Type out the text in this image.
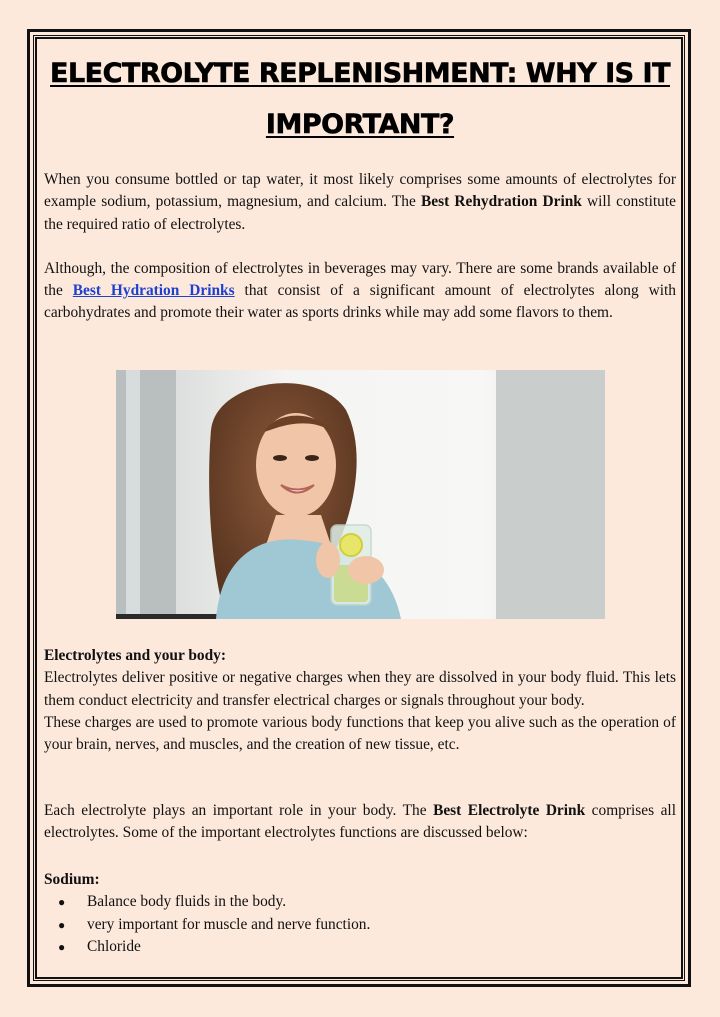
ELECTROLYTE REPLENISHMENT: WHY IS IT IMPORTANT?

When you consume bottled or tap water, it most likely comprises some amounts of electrolytes for example sodium, potassium, magnesium, and calcium. The Best Rehydration Drink will constitute the required ratio of electrolytes.

Although, the composition of electrolytes in beverages may vary. There are some brands available of the Best Hydration Drinks that consist of a significant amount of electrolytes along with carbohydrates and promote their water as sports drinks while may add some flavors to them.

Electrolytes and your body:

Electrolytes deliver positive or negative charges when they are dissolved in your body fluid. This lets them conduct electricity and transfer electrical charges or signals throughout your body.

These charges are used to promote various body functions that keep you alive such as the operation of your brain, nerves, and muscles, and the creation of new tissue, etc.

Each electrolyte plays an important role in your body. The Best Electrolyte Drink comprises all electrolytes. Some of the important electrolytes functions are discussed below:

Sodium:

● Balance body fluids in the body.
● very important for muscle and nerve function.
● Chloride
